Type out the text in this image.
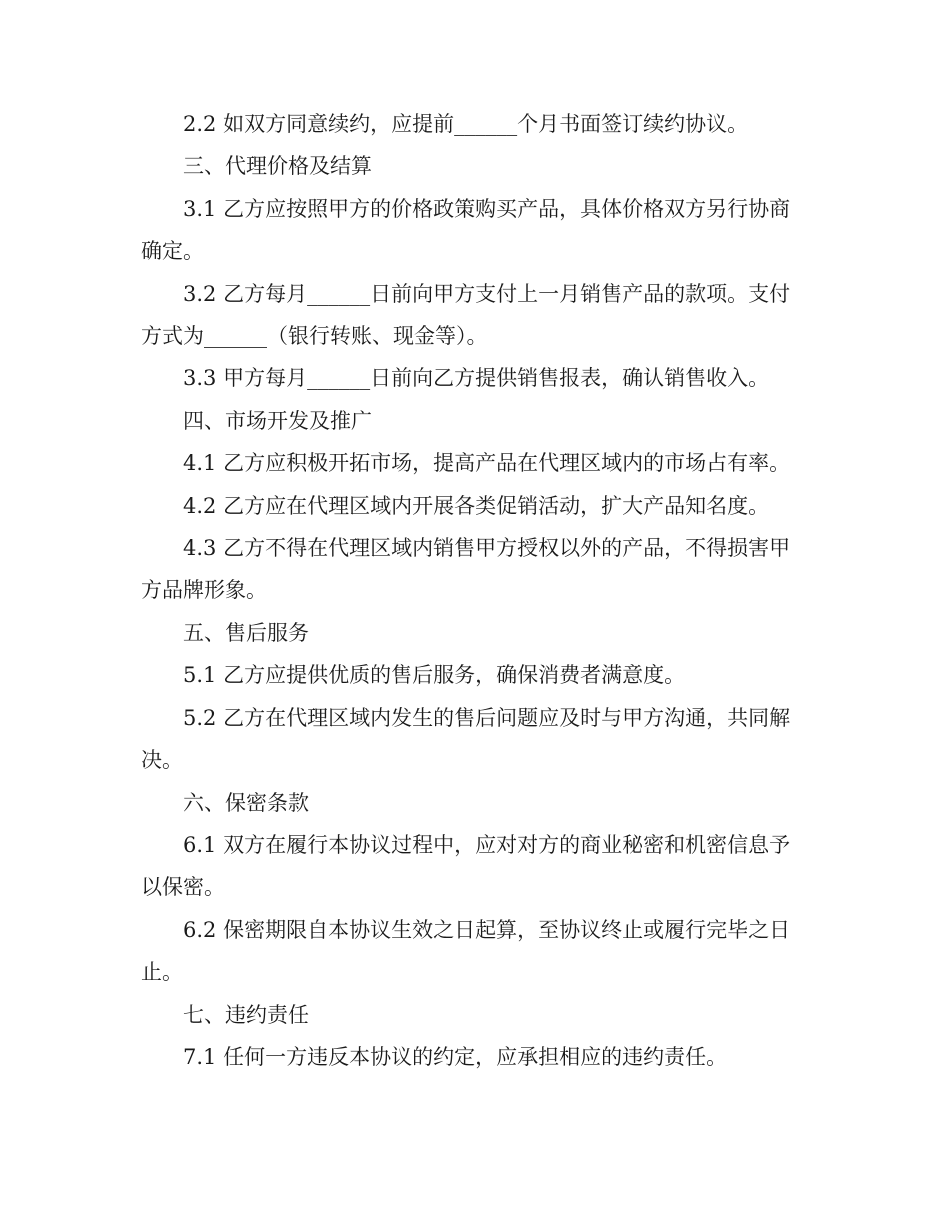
2.2 如双方同意续约，应提前______个月书面签订续约协议。

三、代理价格及结算

3.1 乙方应按照甲方的价格政策购买产品，具体价格双方另行协商确定。

3.2 乙方每月______日前向甲方支付上一月销售产品的款项。支付方式为______（银行转账、现金等）。

3.3 甲方每月______日前向乙方提供销售报表，确认销售收入。

四、市场开发及推广

4.1 乙方应积极开拓市场，提高产品在代理区域内的市场占有率。

4.2 乙方应在代理区域内开展各类促销活动，扩大产品知名度。

4.3 乙方不得在代理区域内销售甲方授权以外的产品，不得损害甲方品牌形象。

五、售后服务

5.1 乙方应提供优质的售后服务，确保消费者满意度。

5.2 乙方在代理区域内发生的售后问题应及时与甲方沟通，共同解决。

六、保密条款

6.1 双方在履行本协议过程中，应对对方的商业秘密和机密信息予以保密。

6.2 保密期限自本协议生效之日起算，至协议终止或履行完毕之日止。

七、违约责任

7.1 任何一方违反本协议的约定，应承担相应的违约责任。
